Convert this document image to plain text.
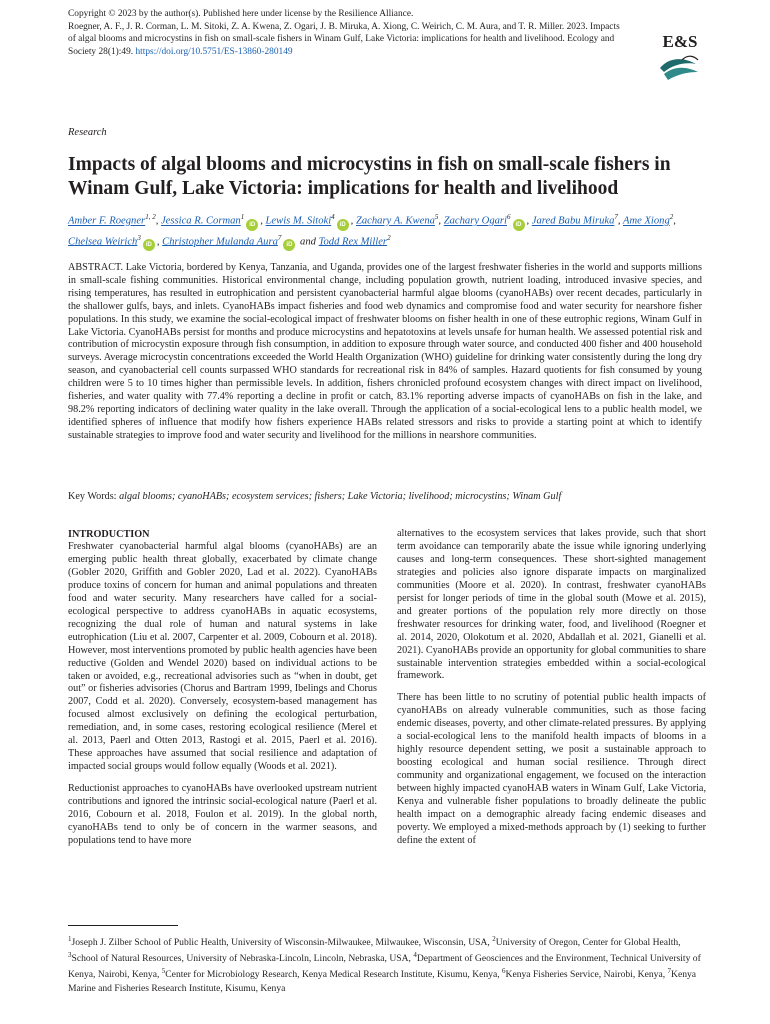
Copyright © 2023 by the author(s). Published here under license by the Resilience Alliance.
Roegner, A. F., J. R. Corman, L. M. Sitoki, Z. A. Kwena, Z. Ogari, J. B. Miruka, A. Xiong, C. Weirich, C. M. Aura, and T. R. Miller. 2023. Impacts of algal blooms and microcystins in fish on small-scale fishers in Winam Gulf, Lake Victoria: implications for health and livelihood. Ecology and Society 28(1):49. https://doi.org/10.5751/ES-13860-280149
E&S
Research
Impacts of algal blooms and microcystins in fish on small-scale fishers in Winam Gulf, Lake Victoria: implications for health and livelihood
Amber F. Roegner$^{1, 2}$, Jessica R. Corman$^1$iD , Lewis M. Sitoki$^4$iD , Zachary A. Kwena$^5$, Zachary Ogari$^6$iD , Jared Babu Miruka$^7$, Ame Xiong$^2$, Chelsea Weirich$^3$iD , Christopher Mulanda Aura$^7$iD and Todd Rex Miller$^2$

ABSTRACT. Lake Victoria, bordered by Kenya, Tanzania, and Uganda, provides one of the largest freshwater fisheries in the world and supports millions in small-scale fishing communities. Historical environmental change, including population growth, nutrient loading, introduced invasive species, and rising temperatures, has resulted in eutrophication and persistent cyanobacterial harmful algae blooms (cyanoHABs) over recent decades, particularly in the shallower gulfs, bays, and inlets. CyanoHABs impact fisheries and food web dynamics and compromise food and water security for nearshore fisher populations. In this study, we examine the social-ecological impact of freshwater blooms on fisher health in one of these eutrophic regions, Winam Gulf in Lake Victoria. CyanoHABs persist for months and produce microcystins and hepatotoxins at levels unsafe for human health. We assessed potential risk and contribution of microcystin exposure through fish consumption, in addition to exposure through water source, and conducted 400 fisher and 400 household surveys. Average microcystin concentrations exceeded the World Health Organization (WHO) guideline for drinking water consistently during the long dry season, and cyanobacterial cell counts surpassed WHO standards for recreational risk in 84% of samples. Hazard quotients for fish consumed by young children were 5 to 10 times higher than permissible levels. In addition, fishers chronicled profound ecosystem changes with direct impact on livelihood, fisheries, and water quality with 77.4% reporting a decline in profit or catch, 83.1% reporting adverse impacts of cyanoHABs on fish in the lake, and 98.2% reporting indicators of declining water quality in the lake overall. Through the application of a social-ecological lens to a public health model, we identified spheres of influence that modify how fishers experience HABs related stressors and risks to provide a starting point at which to identify sustainable strategies to improve food and water security and livelihood for the millions in nearshore communities.

Key Words: algal blooms; cyanoHABs; ecosystem services; fishers; Lake Victoria; livelihood; microcystins; Winam Gulf
INTRODUCTION

Freshwater cyanobacterial harmful algal blooms (cyanoHABs) are an emerging public health threat globally, exacerbated by climate change (Gobler 2020, Griffith and Gobler 2020, Lad et al. 2022). CyanoHABs produce toxins of concern for human and animal populations and threaten food and water security. Many researchers have called for a social-ecological perspective to address cyanoHABs in aquatic ecosystems, recognizing the dual role of human and natural systems in lake eutrophication (Liu et al. 2007, Carpenter et al. 2009, Cobourn et al. 2018). However, most interventions promoted by public health agencies have been reductive (Golden and Wendel 2020) based on individual actions to be taken or avoided, e.g., recreational advisories such as “when in doubt, get out” or fisheries advisories (Chorus and Bartram 1999, Ibelings and Chorus 2007, Codd et al. 2020). Conversely, ecosystem-based management has focused almost exclusively on defining the ecological perturbation, remediation, and, in some cases, restoring ecological resilience (Merel et al. 2013, Paerl and Otten 2013, Rastogi et al. 2015, Paerl et al. 2016). These approaches have assumed that social resilience and adaptation of impacted social groups would follow equally (Woods et al. 2021).

Reductionist approaches to cyanoHABs have overlooked upstream nutrient contributions and ignored the intrinsic social-ecological nature (Paerl et al. 2016, Cobourn et al. 2018, Foulon et al. 2019). In the global north, cyanoHABs tend to only be of concern in the warmer seasons, and populations tend to have more

alternatives to the ecosystem services that lakes provide, such that short term avoidance can temporarily abate the issue while ignoring underlying causes and long-term consequences. These short-sighted management strategies and policies also ignore disparate impacts on marginalized communities (Moore et al. 2020). In contrast, freshwater cyanoHABs persist for longer periods of time in the global south (Mowe et al. 2015), and greater portions of the population rely more directly on those freshwater resources for drinking water, food, and livelihood (Roegner et al. 2014, 2020, Olokotum et al. 2020, Abdallah et al. 2021, Gianelli et al. 2021). CyanoHABs provide an opportunity for global communities to share sustainable intervention strategies embedded within a social-ecological framework.

There has been little to no scrutiny of potential public health impacts of cyanoHABs on already vulnerable communities, such as those facing endemic diseases, poverty, and other climate-related pressures. By applying a social-ecological lens to the manifold health impacts of blooms in a highly resource dependent setting, we posit a sustainable approach to boosting ecological and human social resilience. Through direct community and organizational engagement, we focused on the interaction between highly impacted cyanoHAB waters in Winam Gulf, Lake Victoria, Kenya and vulnerable fisher populations to broadly delineate the public health impact on a demographic already facing endemic diseases and poverty. We employed a mixed-methods approach by (1) seeking to further define the extent of

$^1$Joseph J. Zilber School of Public Health, University of Wisconsin-Milwaukee, Milwaukee, Wisconsin, USA, $^2$University of Oregon, Center for Global Health, $^3$School of Natural Resources, University of Nebraska-Lincoln, Lincoln, Nebraska, USA, $^4$Department of Geosciences and the Environment, Technical University of Kenya, Nairobi, Kenya, $^5$Center for Microbiology Research, Kenya Medical Research Institute, Kisumu, Kenya, $^6$Kenya Fisheries Service, Nairobi, Kenya, $^7$Kenya Marine and Fisheries Research Institute, Kisumu, Kenya
